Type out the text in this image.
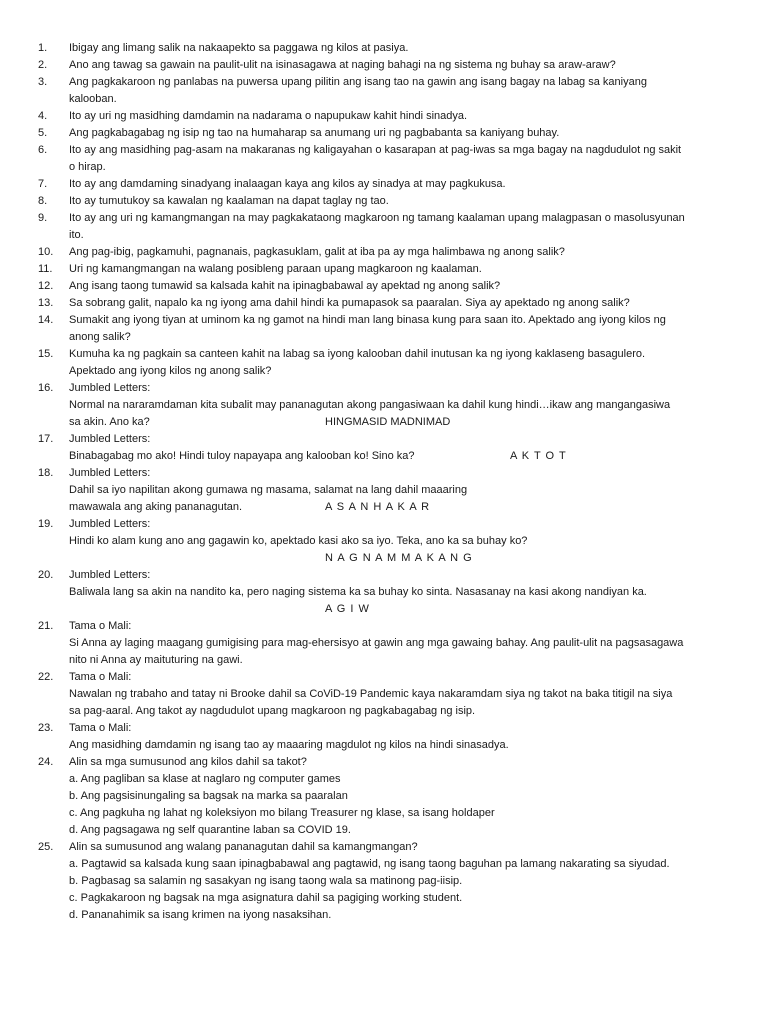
1.	Ibigay ang limang salik na nakaapekto sa paggawa ng kilos at pasiya.
2.	Ano ang tawag sa gawain na paulit-ulit na isinasagawa at naging bahagi na ng sistema ng buhay sa araw-araw?
3.	Ang pagkakaroon ng panlabas na puwersa upang pilitin ang isang tao na gawin ang isang bagay na labag sa kaniyang
kalooban.
4.	Ito ay uri ng masidhing damdamin na nadarama o napupukaw kahit hindi sinadya.
5.	Ang pagkabagabag ng isip ng tao na humaharap sa anumang uri ng pagbabanta sa kaniyang buhay.
6.	Ito ay ang masidhing pag-asam na makaranas ng kaligayahan o kasarapan at pag-iwas sa mga bagay na nagdudulot ng sakit
o hirap.
7.	Ito ay ang damdaming sinadyang inalaagan kaya ang kilos ay sinadya at may pagkukusa.
8.	Ito ay tumutukoy sa kawalan ng kaalaman na dapat taglay ng tao.
9.	Ito ay ang uri ng kamangmangan na may pagkakataong magkaroon ng tamang kaalaman upang malagpasan o masolusyunan
ito.
10.	Ang pag-ibig, pagkamuhi, pagnanais, pagkasuklam, galit at iba pa ay mga halimbawa ng anong salik?
11.	Uri ng kamangmangan na walang posibleng paraan upang magkaroon ng kaalaman.
12.	Ang isang taong tumawid sa kalsada kahit na ipinagbabawal ay apektad ng anong salik?
13.	Sa sobrang galit, napalo ka ng iyong ama dahil hindi ka pumapasok sa paaralan. Siya ay apektado ng anong salik?
14.	Sumakit ang iyong tiyan at uminom ka ng gamot na hindi man lang binasa kung para saan ito. Apektado ang iyong kilos ng
anong salik?
15.	Kumuha ka ng pagkain sa canteen kahit na labag sa iyong kalooban dahil inutusan ka ng iyong kaklaseng basagulero.
Apektado ang iyong kilos ng anong salik?
16.	Jumbled Letters:
Normal na nararamdaman kita subalit may pananagutan akong pangasiwaan ka dahil kung hindi…ikaw ang mangangasiwa
sa akin. Ano ka?	HINGMASID MADNIMAD
17.	Jumbled Letters:
Binabagabag mo ako! Hindi tuloy napayapa ang kalooban ko! Sino ka?	A K T O T
18.	Jumbled Letters:
Dahil sa iyo napilitan akong gumawa ng masama, salamat na lang dahil maaaring
mawawala ang aking pananagutan.	A S A N H A K A R
19.	Jumbled Letters:
Hindi ko alam kung ano ang gagawin ko, apektado kasi ako sa iyo. Teka, ano ka sa buhay ko?
N A G N A M M A K A N G
20.	Jumbled Letters:
Baliwala lang sa akin na nandito ka, pero naging sistema ka sa buhay ko sinta. Nasasanay na kasi akong nandiyan ka.
A G I W
21.	Tama o Mali:
Si Anna ay laging maagang gumigising para mag-ehersisyo at gawin ang mga gawaing bahay. Ang paulit-ulit na pagsasagawa
nito ni Anna ay maituturing na gawi.
22.	Tama o Mali:
Nawalan ng trabaho and tatay ni Brooke dahil sa CoViD-19 Pandemic kaya nakaramdam siya ng takot na baka titigil na siya
sa pag-aaral. Ang takot ay nagdudulot upang magkaroon ng pagkabagabag ng isip.
23.	Tama o Mali:
Ang masidhing damdamin ng isang tao ay maaaring magdulot ng kilos na hindi sinasadya.
24.	Alin sa mga sumusunod ang kilos dahil sa takot?
a. Ang pagliban sa klase at naglaro ng computer games
b. Ang pagsisinungaling sa bagsak na marka sa paaralan
c. Ang pagkuha ng lahat ng koleksiyon mo bilang Treasurer ng klase, sa isang holdaper
d. Ang pagsagawa ng self quarantine laban sa COVID 19.
25.	Alin sa sumusunod ang walang pananagutan dahil sa kamangmangan?
a. Pagtawid sa kalsada kung saan ipinagbabawal ang pagtawid, ng isang taong baguhan pa lamang nakarating sa siyudad.
b. Pagbasag sa salamin ng sasakyan ng isang taong wala sa matinong pag-iisip.
c. Pagkakaroon ng bagsak na mga asignatura dahil sa pagiging working student.
d. Pananahimik sa isang krimen na iyong nasaksihan.
